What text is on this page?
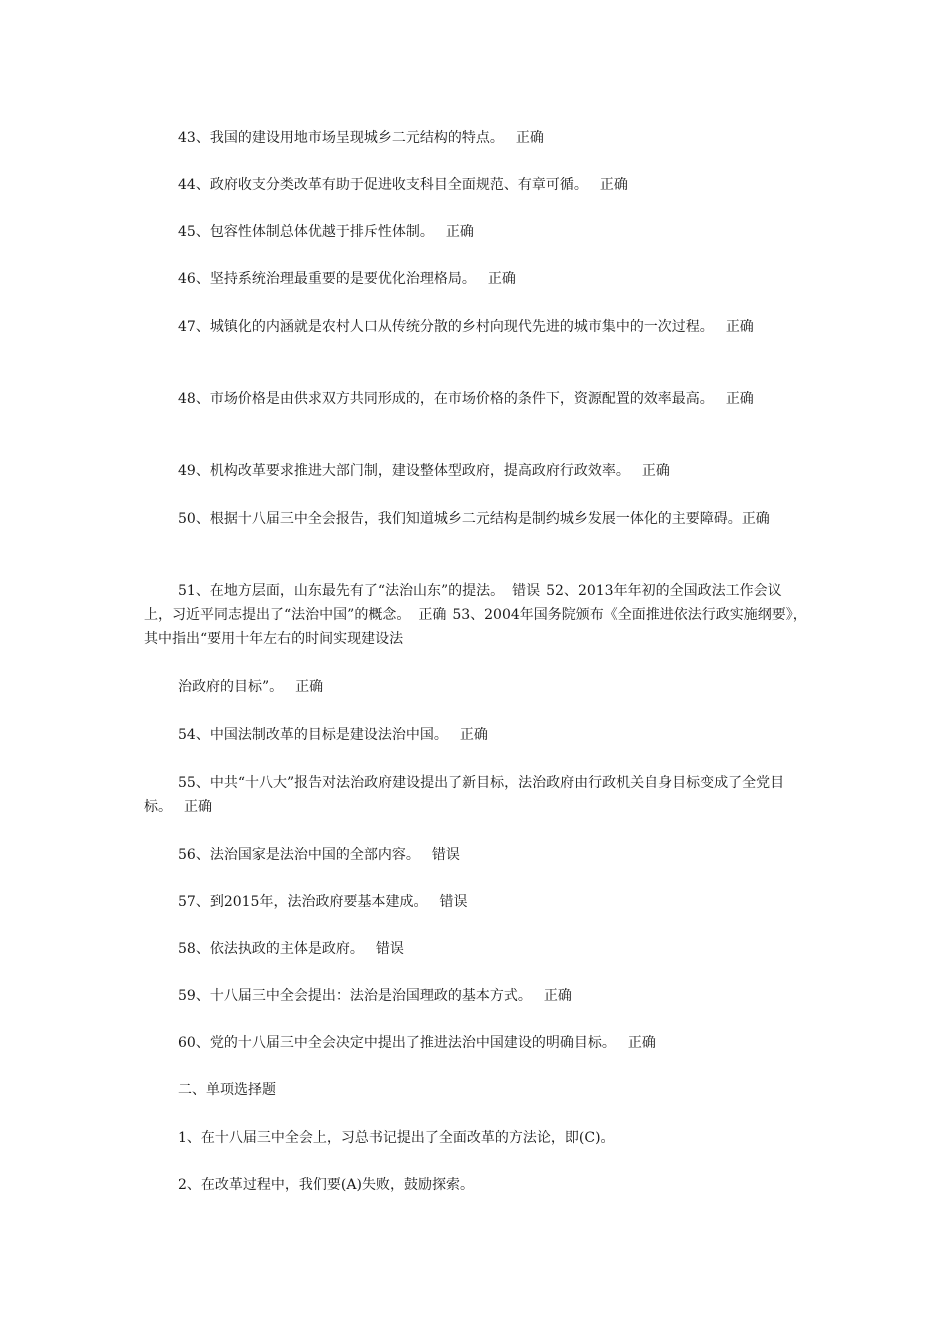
43、我国的建设用地市场呈现城乡二元结构的特点。 正确
44、政府收支分类改革有助于促进收支科目全面规范、有章可循。 正确
45、包容性体制总体优越于排斥性体制。 正确
46、坚持系统治理最重要的是要优化治理格局。 正确
47、城镇化的内涵就是农村人口从传统分散的乡村向现代先进的城市集中的一次过程。 正确
48、市场价格是由供求双方共同形成的，在市场价格的条件下，资源配置的效率最高。 正确
49、机构改革要求推进大部门制，建设整体型政府，提高政府行政效率。 正确
50、根据十八届三中全会报告，我们知道城乡二元结构是制约城乡发展一体化的主要障碍。正确
51、在地方层面，山东最先有了“法治山东”的提法。 错误 52、2013年年初的全国政法工作会议上，习近平同志提出了“法治中国”的概念。 正确 53、2004年国务院颁布《全面推进依法行政实施纲要》，其中指出“要用十年左右的时间实现建设法
治政府的目标”。 正确
54、中国法制改革的目标是建设法治中国。 正确
55、中共“十八大”报告对法治政府建设提出了新目标，法治政府由行政机关自身目标变成了全党目标。 正确
56、法治国家是法治中国的全部内容。 错误
57、到2015年，法治政府要基本建成。 错误
58、依法执政的主体是政府。 错误
59、十八届三中全会提出：法治是治国理政的基本方式。 正确
60、党的十八届三中全会决定中提出了推进法治中国建设的明确目标。 正确
二、单项选择题
1、在十八届三中全会上，习总书记提出了全面改革的方法论，即(C)。
2、在改革过程中，我们要(A)失败，鼓励探索。
